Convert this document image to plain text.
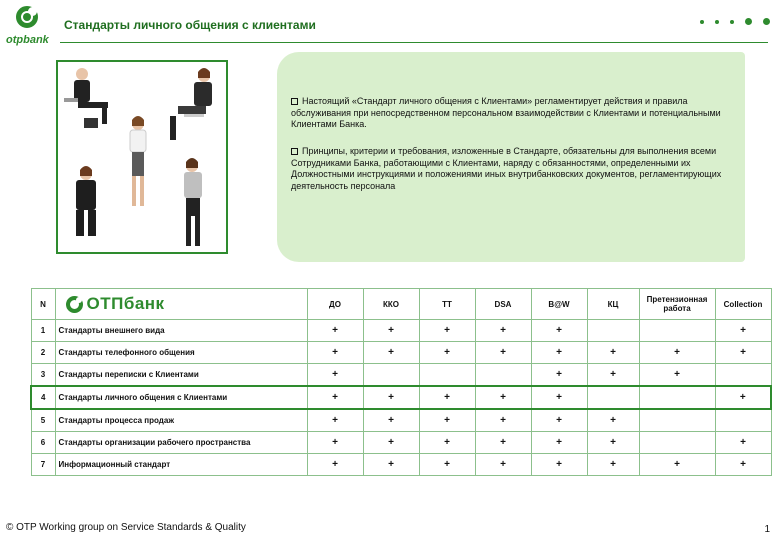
otpbank
Стандарты личного общения с клиентами
Настоящий «Стандарт личного общения с Клиентами» регламентирует действия и правила обслуживания при непосредственном персональном взаимодействии с Клиентами и потенциальными Клиентами Банка.
Принципы, критерии и требования, изложенные в Стандарте, обязательны для выполнения всеми Сотрудниками Банка, работающими с Клиентами, наряду с обязанностями, определенными их Должностными инструкциями и положениями иных внутрибанковских документов, регламентирующих деятельность персонала
N	ОТПбанк	ДО	ККО	ТТ	DSA	B@W	КЦ	Претензионная работа	Collection
1	Стандарты внешнего вида	+	+	+	+	+			+
2	Стандарты телефонного общения	+	+	+	+	+	+	+	+
3	Стандарты переписки с Клиентами	+				+	+	+	
4	Стандарты личного общения с Клиентами	+	+	+	+	+			+
5	Стандарты процесса продаж	+	+	+	+	+	+		
6	Стандарты организации рабочего пространства	+	+	+	+	+	+		+
7	Информационный стандарт	+	+	+	+	+	+	+	+
© OTP Working group on Service Standards & Quality	1
